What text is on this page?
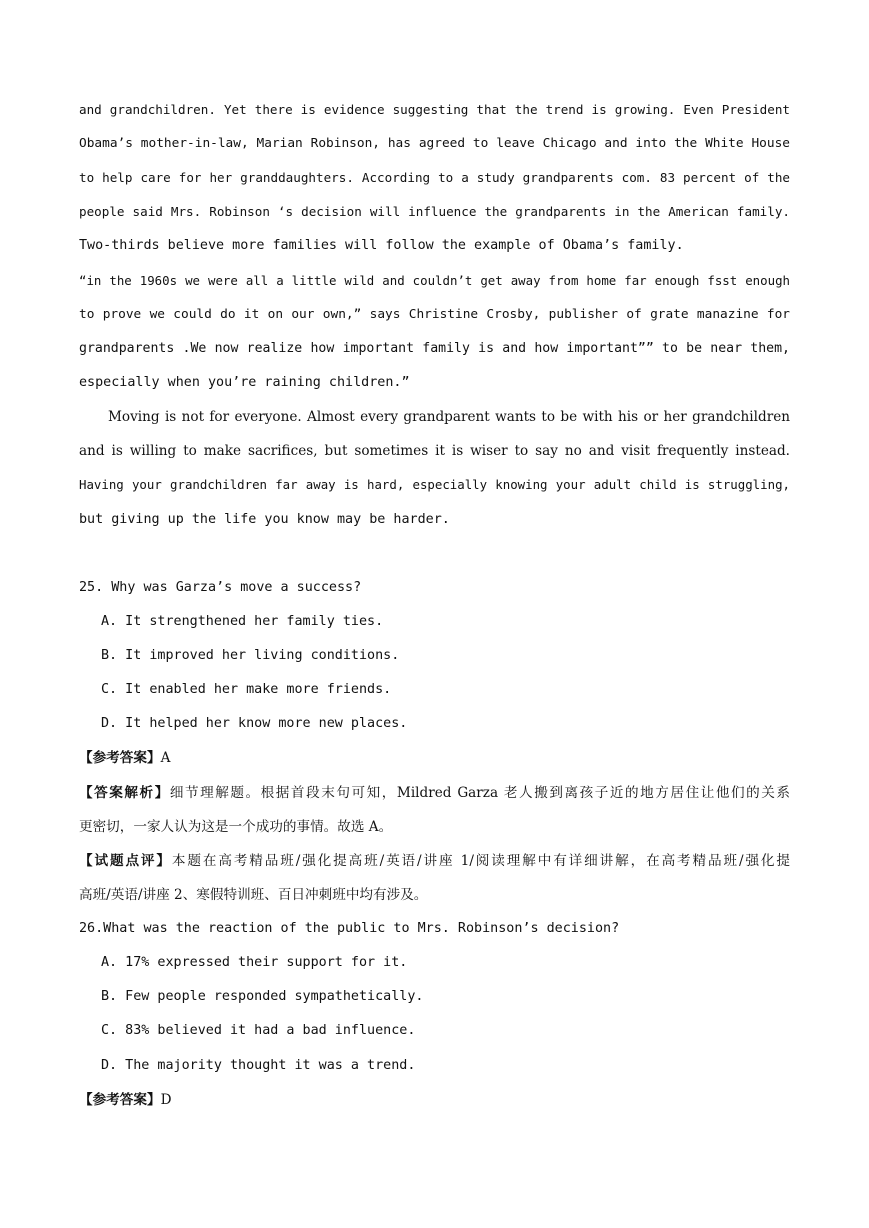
and grandchildren. Yet there is evidence suggesting that the trend is growing. Even President
Obama’s mother-in-law, Marian Robinson, has agreed to leave Chicago and into the White House
to help care for her granddaughters. According to a study grandparents com. 83 percent of the
people said Mrs. Robinson ‘s decision will influence the grandparents in the American family.
Two-thirds believe more families will follow the example of Obama’s family.
“in the 1960s we were all a little wild and couldn’t get away from home far enough fsst enough
to prove we could do it on our own,” says Christine Crosby, publisher of grate manazine for
grandparents .We now realize how important family is and how important”” to be near them,
especially when you’re raining children.”
Moving is not for everyone. Almost every grandparent wants to be with his or her grandchildren
and is willing to make sacrifices, but sometimes it is wiser to say no and visit frequently instead.
Having your grandchildren far away is hard, especially knowing your adult child is struggling,
but giving up the life you know may be harder.
25. Why was Garza’s move a success?
A. It strengthened her family ties.
B. It improved her living conditions.
C. It enabled her make more friends.
D. It helped her know more new places.
【参考答案】A
【答案解析】细节理解题。根据首段末句可知，Mildred Garza 老人搬到离孩子近的地方居住让他们的关系
更密切，一家人认为这是一个成功的事情。故选 A。
【试题点评】本题在高考精品班/强化提高班/英语/讲座 1/阅读理解中有详细讲解，在高考精品班/强化提
高班/英语/讲座 2、寒假特训班、百日冲刺班中均有涉及。
26.What was the reaction of the public to Mrs. Robinson’s decision?
A. 17% expressed their support for it.
B. Few people responded sympathetically.
C. 83% believed it had a bad influence.
D. The majority thought it was a trend.
【参考答案】D
